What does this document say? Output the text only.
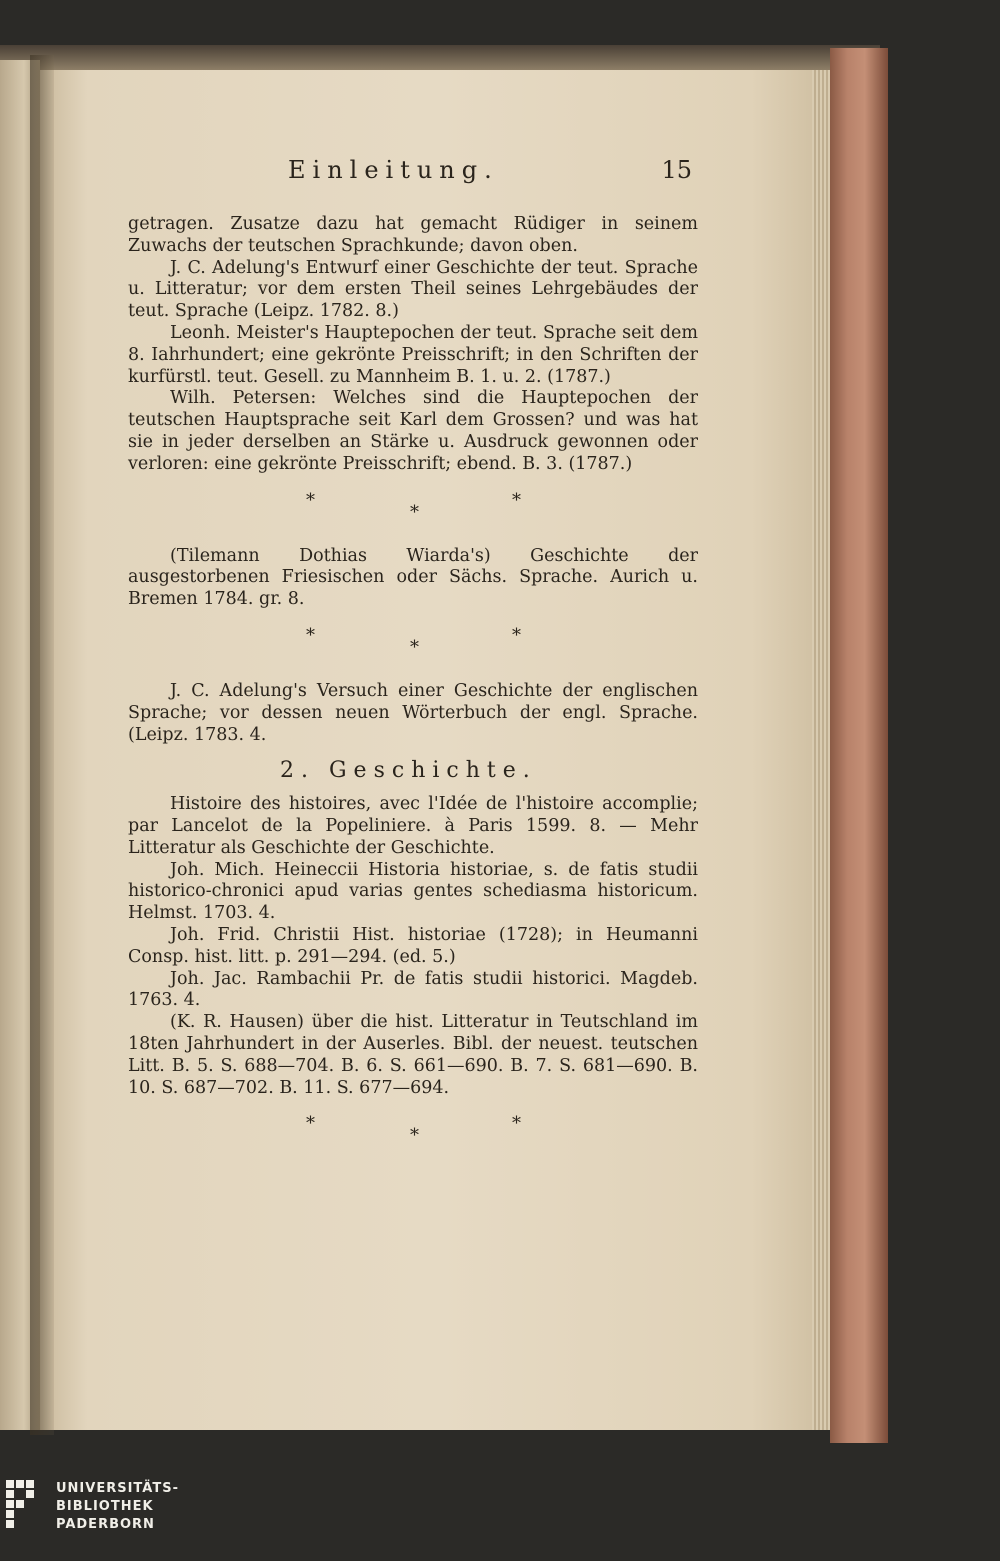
Einleitung.	15

getragen. Zusatze dazu hat gemacht Rüdiger in seinem Zuwachs der teutschen Sprachkunde; davon oben.

J. C. Adelung's Entwurf einer Geschichte der teut. Sprache u. Litteratur; vor dem ersten Theil seines Lehrgebäudes der teut. Sprache (Leipz. 1782. 8.)

Leonh. Meister's Hauptepochen der teut. Sprache seit dem 8. Iahrhundert; eine gekrönte Preisschrift; in den Schriften der kurfürstl. teut. Gesell. zu Mannheim B. 1. u. 2. (1787.)

Wilh. Petersen: Welches sind die Hauptepochen der teutschen Hauptsprache seit Karl dem Grossen? und was hat sie in jeder derselben an Stärke u. Ausdruck gewonnen oder verloren: eine gekrönte Preisschrift; ebend. B. 3. (1787.)

*
*
*

(Tilemann Dothias Wiarda's) Geschichte der ausgestorbenen Friesischen oder Sächs. Sprache. Aurich u. Bremen 1784. gr. 8.

*
*
*

J. C. Adelung's Versuch einer Geschichte der englischen Sprache; vor dessen neuen Wörterbuch der engl. Sprache. (Leipz. 1783. 4.

2. Geschichte.

Histoire des histoires, avec l'Idée de l'histoire accomplie; par Lancelot de la Popeliniere. à Paris 1599. 8. — Mehr Litteratur als Geschichte der Geschichte.

Joh. Mich. Heineccii Historia historiae, s. de fatis studii historico-chronici apud varias gentes schediasma historicum. Helmst. 1703. 4.

Joh. Frid. Christii Hist. historiae (1728); in Heumanni Consp. hist. litt. p. 291—294. (ed. 5.)

Joh. Jac. Rambachii Pr. de fatis studii historici. Magdeb. 1763. 4.

(K. R. Hausen) über die hist. Litteratur in Teutschland im 18ten Jahrhundert in der Auserles. Bibl. der neuest. teutschen Litt. B. 5. S. 688—704. B. 6. S. 661—690. B. 7. S. 681—690. B. 10. S. 687—702. B. 11. S. 677—694.

*
*
*
UNIVERSITÄTS-
BIBLIOTHEK
PADERBORN
